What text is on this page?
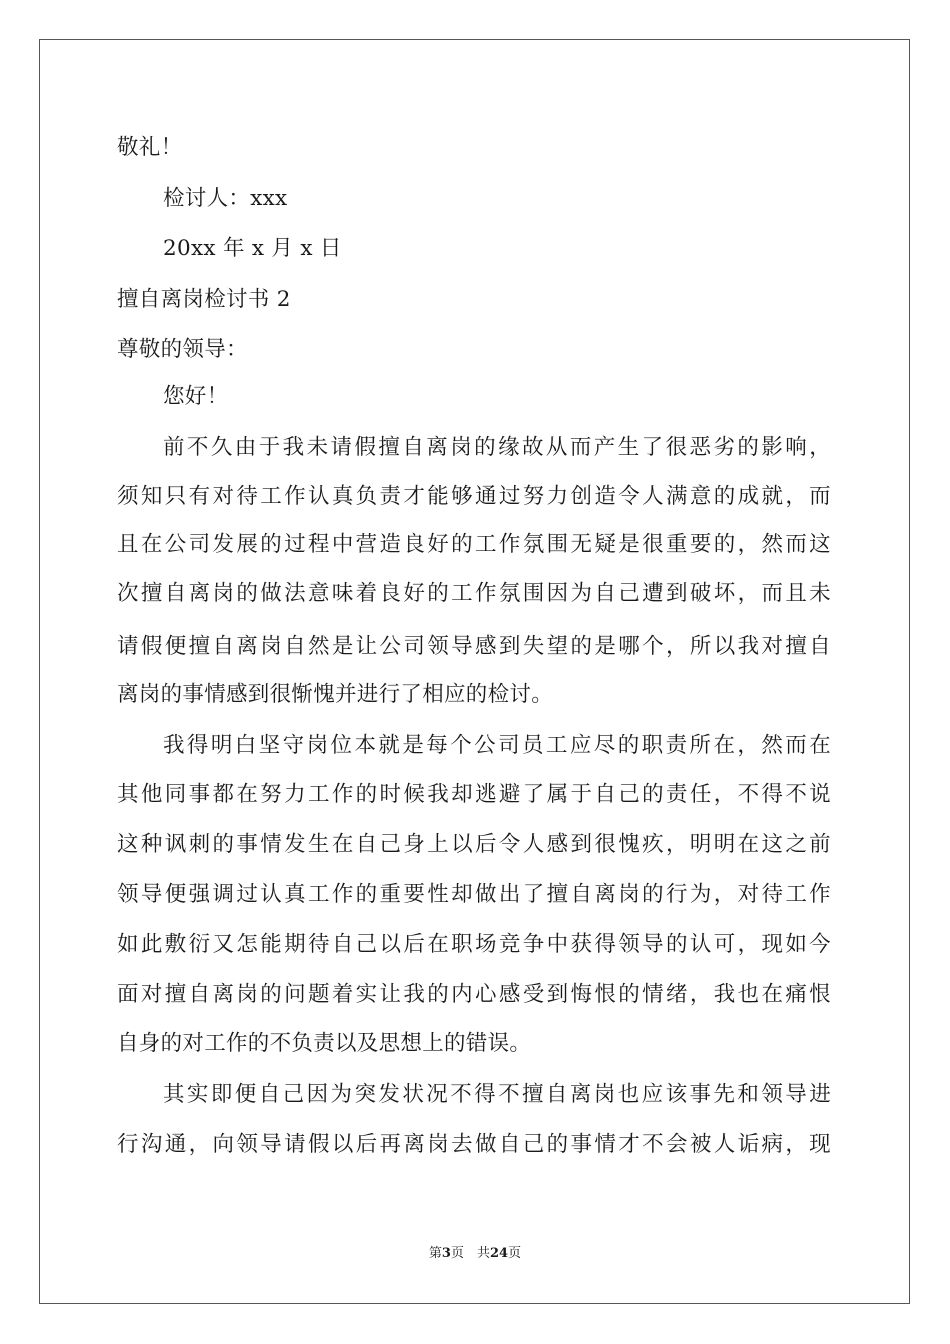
敬礼！
检讨人：xxx
20xx 年 x 月 x 日
擅自离岗检讨书 2
尊敬的领导：
您好！
前不久由于我未请假擅自离岗的缘故从而产生了很恶劣的影响，
须知只有对待工作认真负责才能够通过努力创造令人满意的成就，而
且在公司发展的过程中营造良好的工作氛围无疑是很重要的，然而这
次擅自离岗的做法意味着良好的工作氛围因为自己遭到破坏，而且未
请假便擅自离岗自然是让公司领导感到失望的是哪个，所以我对擅自
离岗的事情感到很惭愧并进行了相应的检讨。
我得明白坚守岗位本就是每个公司员工应尽的职责所在，然而在
其他同事都在努力工作的时候我却逃避了属于自己的责任，不得不说
这种讽刺的事情发生在自己身上以后令人感到很愧疚，明明在这之前
领导便强调过认真工作的重要性却做出了擅自离岗的行为，对待工作
如此敷衍又怎能期待自己以后在职场竞争中获得领导的认可，现如今
面对擅自离岗的问题着实让我的内心感受到悔恨的情绪，我也在痛恨
自身的对工作的不负责以及思想上的错误。
其实即便自己因为突发状况不得不擅自离岗也应该事先和领导进
行沟通，向领导请假以后再离岗去做自己的事情才不会被人诟病，现
第3页　共24页
